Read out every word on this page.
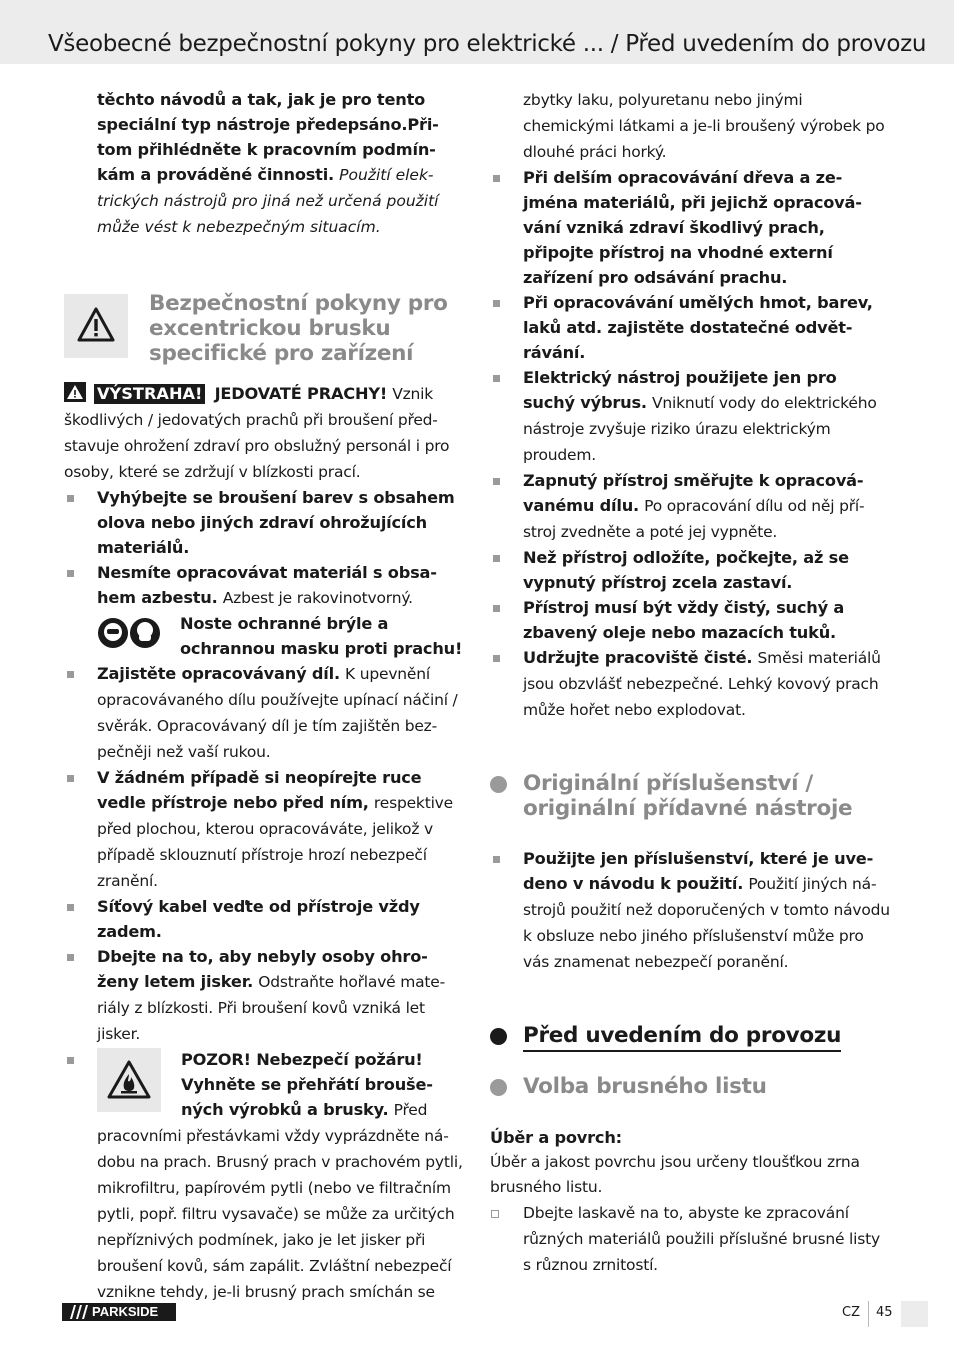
Všeobecné bezpečnostní pokyny pro elektrické ... / Před uvedením do provozu
těchto návodů a tak, jak je pro tento speciální typ nástroje předepsáno.Při-tom přihlédněte k pracovním podmín-kám a prováděné činnosti. Použití elek-trických nástrojů pro jiná než určená použití může vést k nebezpečným situacím.
Bezpečnostní pokyny pro excentrickou brusku specifické pro zařízení
VÝSTRAHA! JEDOVATÉ PRACHY! Vznik škodlivých / jedovatých prachů při broušení před-stavuje ohrožení zdraví pro obslužný personál i pro osoby, které se zdržují v blízkosti prací.
Vyhýbejte se broušení barev s obsahem olova nebo jiných zdraví ohrožujících materiálů.
Nesmíte opracovávat materiál s obsa-hem azbestu. Azbest je rakovinotvorný.
Noste ochranné brýle a ochrannou masku proti prachu!
Zajistěte opracovávaný díl. K upevnění opracovávaného dílu používejte upínací náčiní / svěrák. Opracovávaný díl je tím zajištěn bez-pečněji než vaší rukou.
V žádném případě si neopírejte ruce vedle přístroje nebo před ním, respektive před plochou, kterou opracováváte, jelikož v případě sklouznutí přístroje hrozí nebezpečí zranění.
Síťový kabel veďte od přístroje vždy zadem.
Dbejte na to, aby nebyly osoby ohro-ženy letem jisker. Odstraňte hořlavé mate-riály z blízkosti. Při broušení kovů vzniká let jisker.
POZOR! Nebezpečí požáru! Vyhněte se přehřátí brouše-ných výrobků a brusky. Před pracovními přestávkami vždy vyprázdněte ná-dobu na prach. Brusný prach v prachovém pytli, mikrofiltru, papírovém pytli (nebo ve filtračním pytli, popř. filtru vysavače) se může za určitých nepříznivých podmínek, jako je let jisker při broušení kovů, sám zapálit. Zvláštní nebezpečí vznikne tehdy, je-li brusný prach smíchán se
zbytky laku, polyuretanu nebo jinými chemickými látkami a je-li broušený výrobek po dlouhé práci horký.
Při delším opracovávání dřeva a ze-jména materiálů, při jejichž opracová-vání vzniká zdraví škodlivý prach, připojte přístroj na vhodné externí zařízení pro odsávání prachu.
Při opracovávání umělých hmot, barev, laků atd. zajistěte dostatečné odvět-rávání.
Elektrický nástroj použijete jen pro suchý výbrus. Vniknutí vody do elektrického nástroje zvyšuje riziko úrazu elektrickým proudem.
Zapnutý přístroj směřujte k opracová-vanému dílu. Po opracování dílu od něj pří-stroj zvedněte a poté jej vypněte.
Než přístroj odložíte, počkejte, až se vypnutý přístroj zcela zastaví.
Přístroj musí být vždy čistý, suchý a zbavený oleje nebo mazacích tuků.
Udržujte pracoviště čisté. Směsi materiálů jsou obzvlášť nebezpečné. Lehký kovový prach může hořet nebo explodovat.
Originální příslušenství / originální přídavné nástroje
Použijte jen příslušenství, které je uve-deno v návodu k použití. Použití jiných ná-strojů použití než doporučených v tomto návodu k obsluze nebo jiného příslušenství může pro vás znamenat nebezpečí poranění.
Před uvedením do provozu
Volba brusného listu
Úběr a povrch:
Úběr a jakost povrchu jsou určeny tloušťkou zrna brusného listu.
Dbejte laskavě na to, abyste ke zpracování různých materiálů použili příslušné brusné listy s různou zrnitostí.
PARKSIDE	CZ 45
